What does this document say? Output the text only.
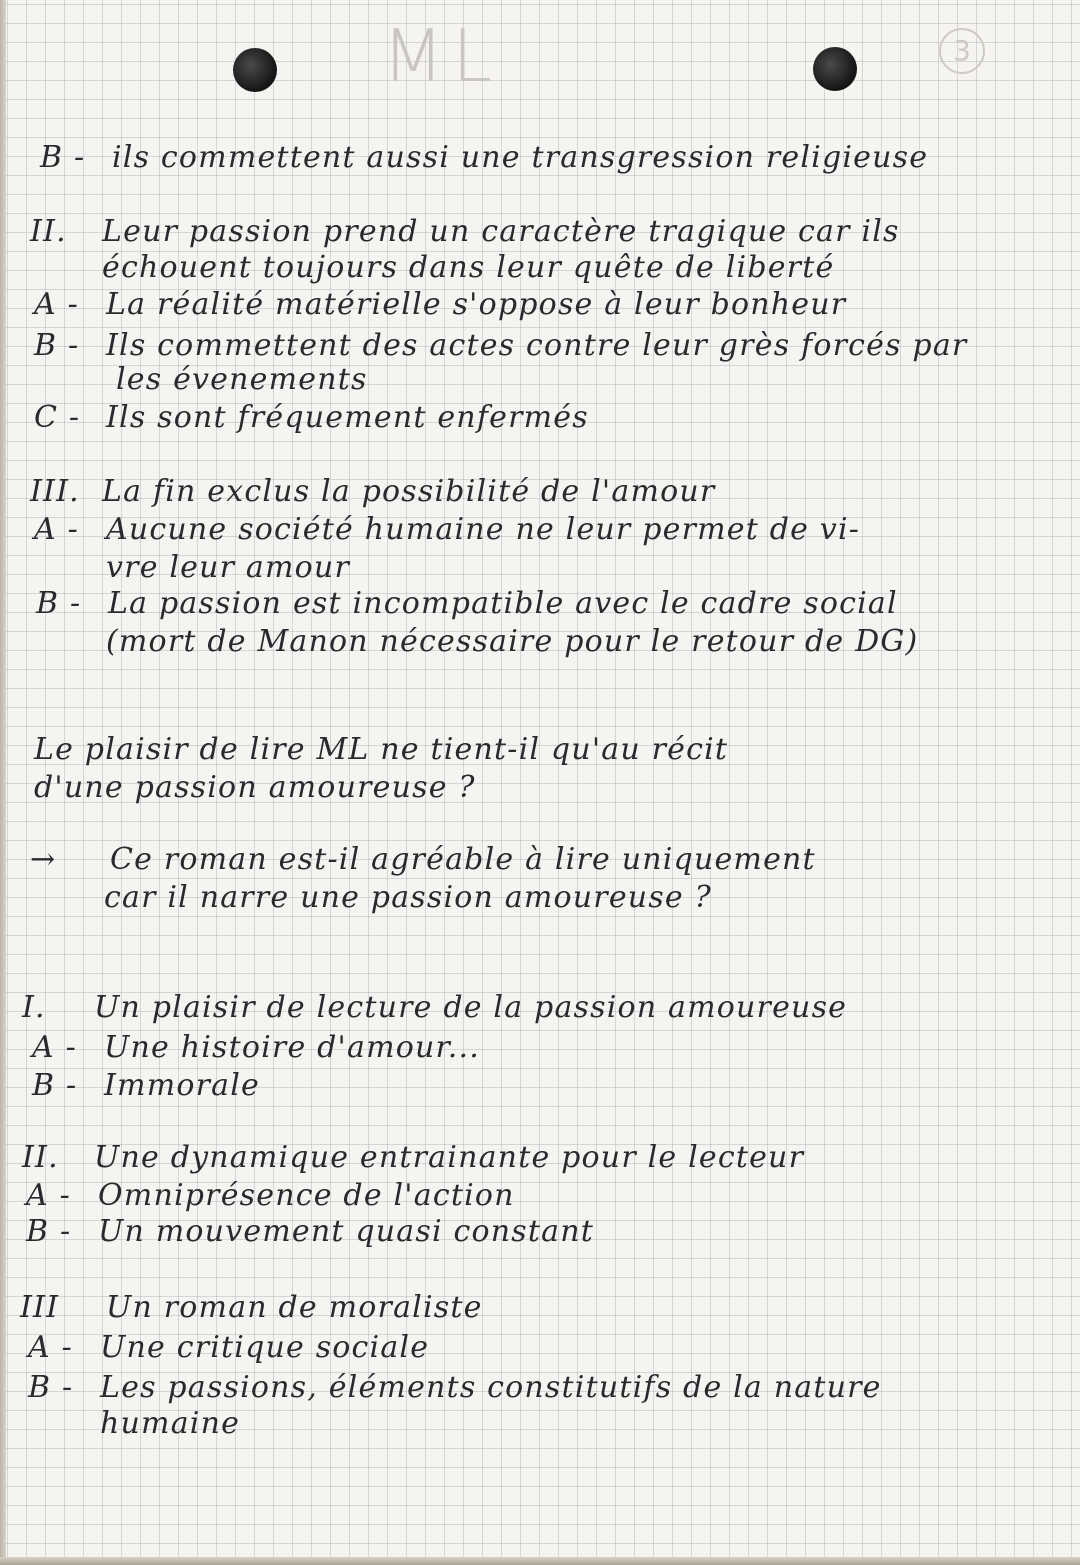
ML	3
B - ils commettent aussi une transgression religieuse
II. Leur passion prend un caractère tragique car ils
échouent toujours dans leur quête de liberté
A - La réalité matérielle s'oppose à leur bonheur
B - Ils commettent des actes contre leur grès forcés par
les évenements
C - Ils sont fréquement enfermés
III. La fin exclus la possibilité de l'amour
A - Aucune société humaine ne leur permet de vi-
vre leur amour
B - La passion est incompatible avec le cadre social
(mort de Manon nécessaire pour le retour de DG)
Le plaisir de lire ML ne tient-il qu'au récit
d'une passion amoureuse ?
→ Ce roman est-il agréable à lire uniquement
car il narre une passion amoureuse ?
I. Un plaisir de lecture de la passion amoureuse
A - Une histoire d'amour...
B - Immorale
II. Une dynamique entrainante pour le lecteur
A - Omniprésence de l'action
B - Un mouvement quasi constant
III Un roman de moraliste
A - Une critique sociale
B - Les passions, éléments constitutifs de la nature
humaine
